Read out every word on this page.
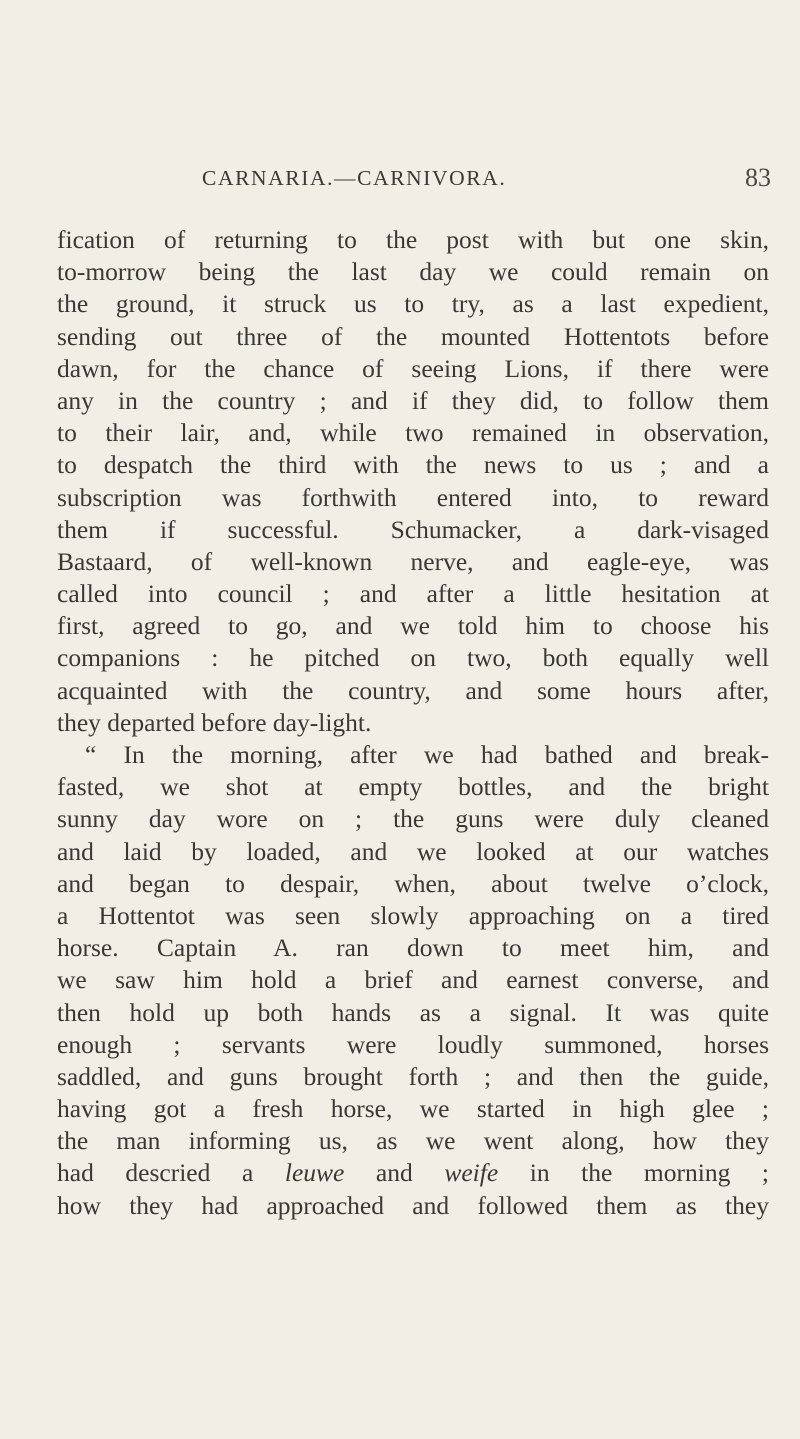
CARNARIA.—CARNIVORA.	83
fication of returning to the post with but one skin,
to-morrow being the last day we could remain on
the ground, it struck us to try, as a last expedient,
sending out three of the mounted Hottentots before
dawn, for the chance of seeing Lions, if there were
any in the country ; and if they did, to follow them
to their lair, and, while two remained in observation,
to despatch the third with the news to us ; and a
subscription was forthwith entered into, to reward
them if successful. Schumacker, a dark-visaged
Bastaard, of well-known nerve, and eagle-eye, was
called into council ; and after a little hesitation at
first, agreed to go, and we told him to choose his
companions : he pitched on two, both equally well
acquainted with the country, and some hours after,
they departed before day-light.
“ In the morning, after we had bathed and break-
fasted, we shot at empty bottles, and the bright
sunny day wore on ; the guns were duly cleaned
and laid by loaded, and we looked at our watches
and began to despair, when, about twelve o’clock,
a Hottentot was seen slowly approaching on a tired
horse. Captain A. ran down to meet him, and
we saw him hold a brief and earnest converse, and
then hold up both hands as a signal. It was quite
enough ; servants were loudly summoned, horses
saddled, and guns brought forth ; and then the guide,
having got a fresh horse, we started in high glee ;
the man informing us, as we went along, how they
had descried a leuwe and weife in the morning ;
how they had approached and followed them as they
